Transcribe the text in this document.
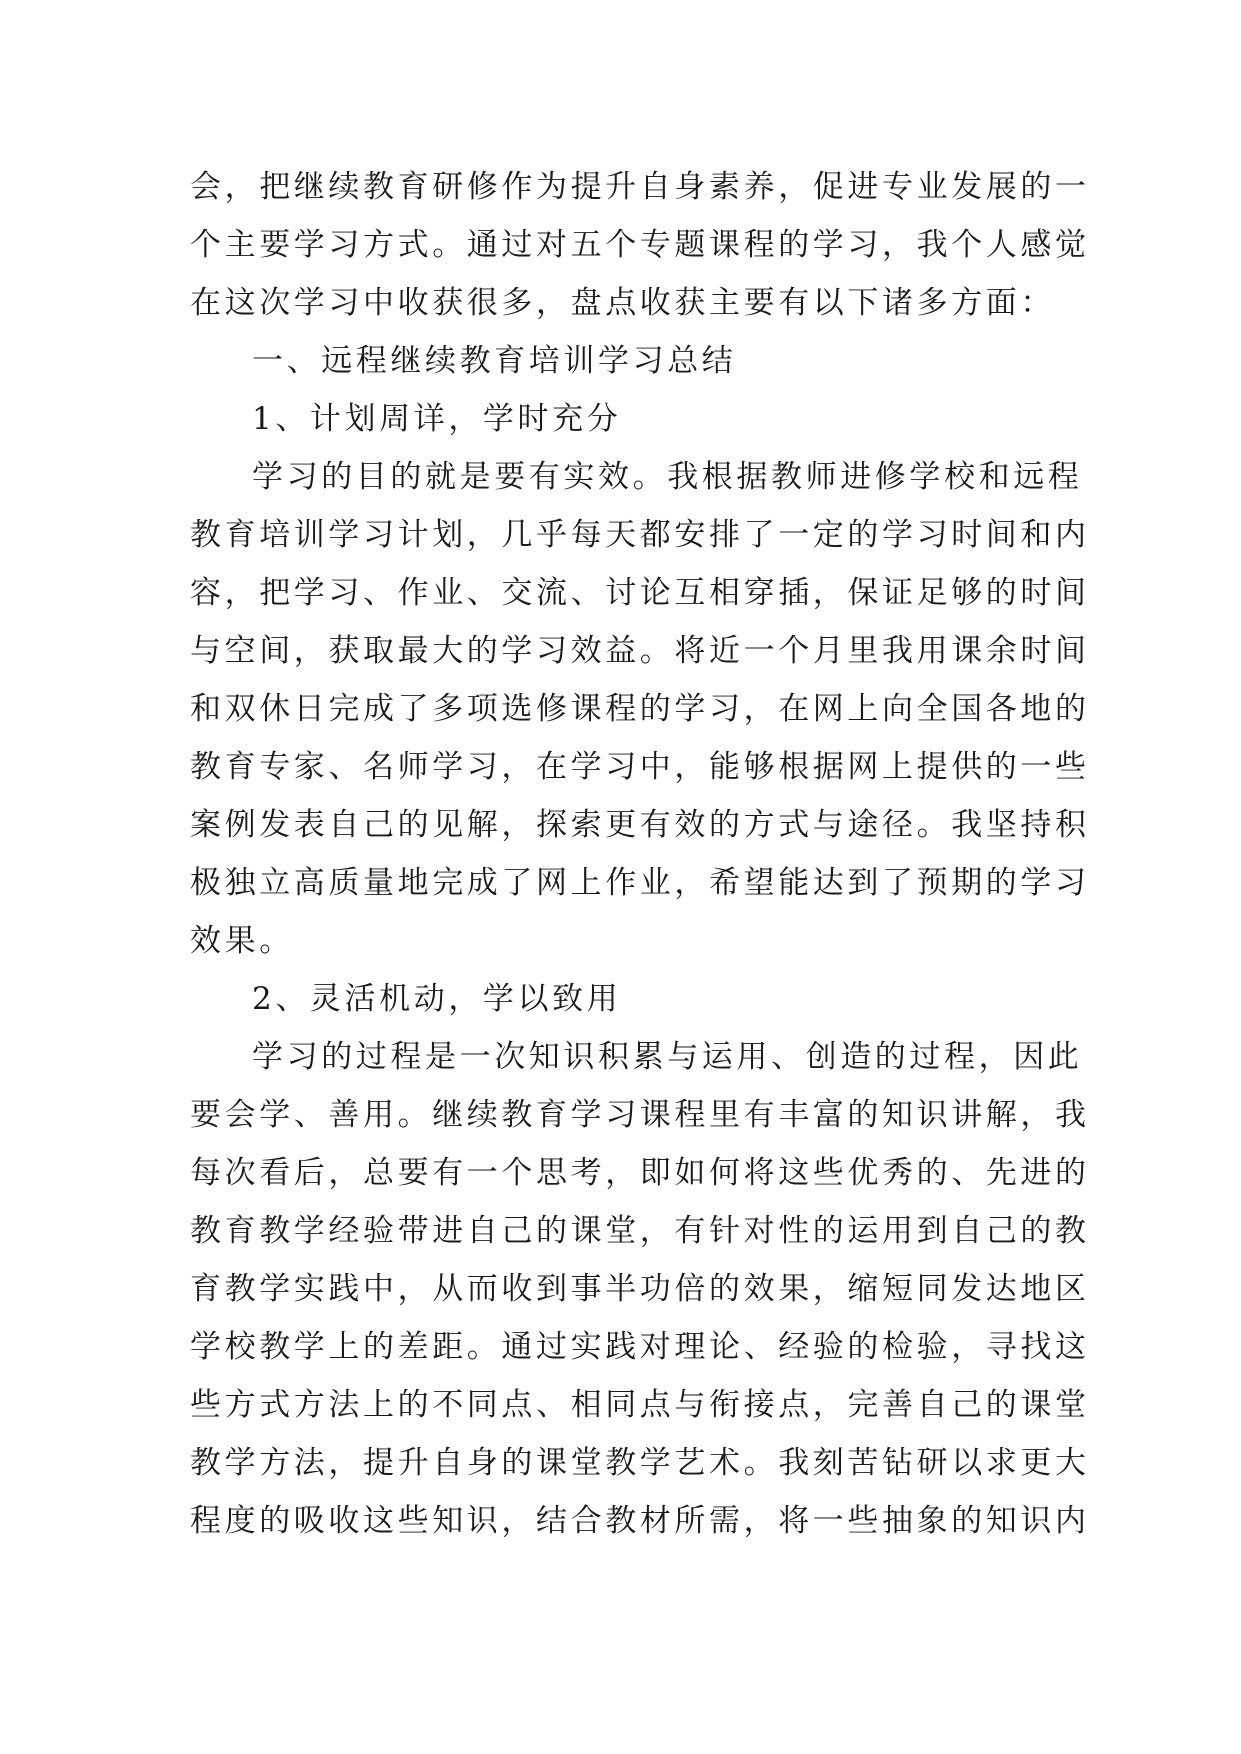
会，把继续教育研修作为提升自身素养，促进专业发展的一
个主要学习方式。通过对五个专题课程的学习，我个人感觉
在这次学习中收获很多，盘点收获主要有以下诸多方面：
一、远程继续教育培训学习总结
1、计划周详，学时充分
学习的目的就是要有实效。我根据教师进修学校和远程
教育培训学习计划，几乎每天都安排了一定的学习时间和内
容，把学习、作业、交流、讨论互相穿插，保证足够的时间
与空间，获取最大的学习效益。将近一个月里我用课余时间
和双休日完成了多项选修课程的学习，在网上向全国各地的
教育专家、名师学习，在学习中，能够根据网上提供的一些
案例发表自己的见解，探索更有效的方式与途径。我坚持积
极独立高质量地完成了网上作业，希望能达到了预期的学习
效果。
2、灵活机动，学以致用
学习的过程是一次知识积累与运用、创造的过程，因此
要会学、善用。继续教育学习课程里有丰富的知识讲解，我
每次看后，总要有一个思考，即如何将这些优秀的、先进的
教育教学经验带进自己的课堂，有针对性的运用到自己的教
育教学实践中，从而收到事半功倍的效果，缩短同发达地区
学校教学上的差距。通过实践对理论、经验的检验，寻找这
些方式方法上的不同点、相同点与衔接点，完善自己的课堂
教学方法，提升自身的课堂教学艺术。我刻苦钻研以求更大
程度的吸收这些知识，结合教材所需，将一些抽象的知识内
